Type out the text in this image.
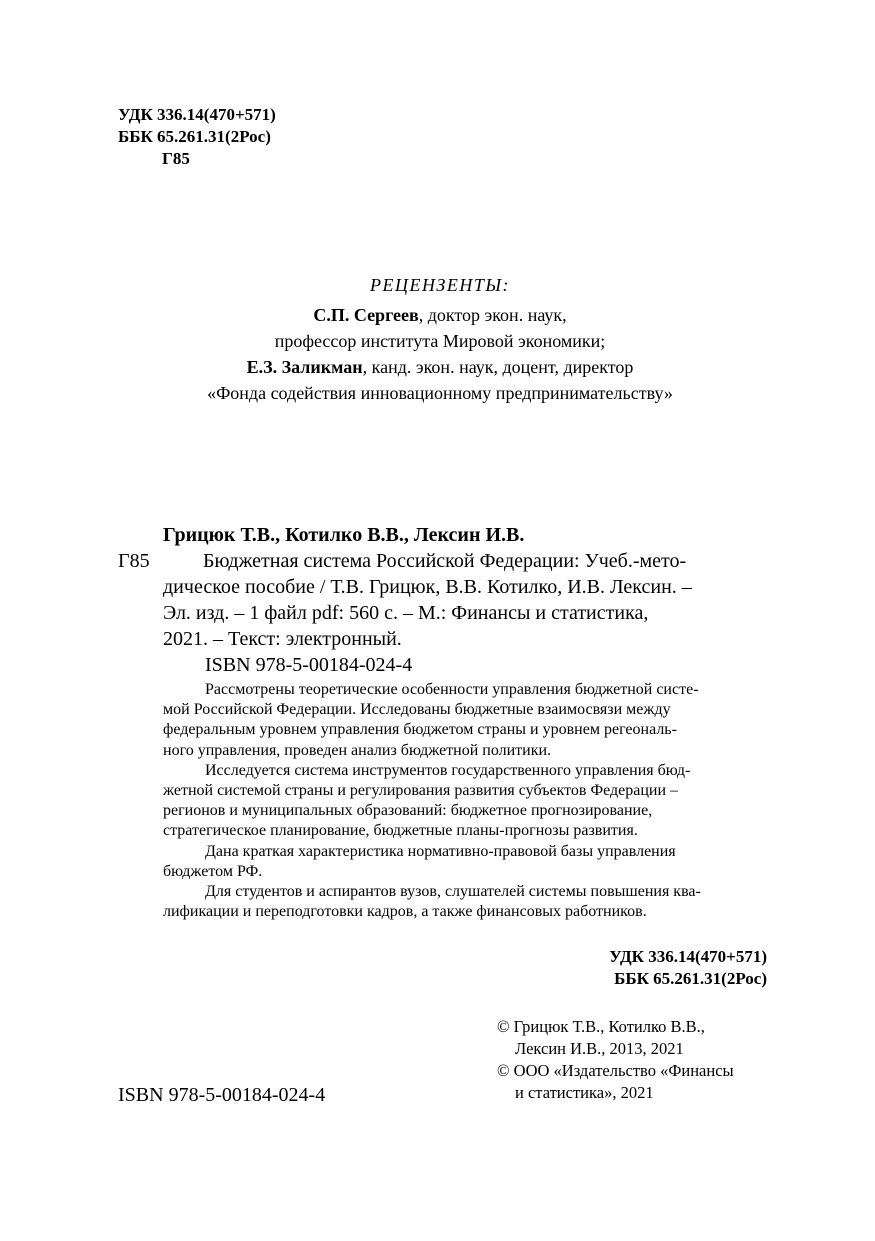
УДК 336.14(470+571)
ББК 65.261.31(2Рос)
Г85
РЕЦЕНЗЕНТЫ:
С.П. Сергеев, доктор экон. наук,
профессор института Мировой экономики;
Е.З. Заликман, канд. экон. наук, доцент, директор
«Фонда содействия инновационному предпринимательству»
Грицюк Т.В., Котилко В.В., Лексин И.В.
Г85	Бюджетная система Российской Федерации: Учеб.-мето-
дическое пособие / Т.В. Грицюк, В.В. Котилко, И.В. Лексин. –
Эл. изд. – 1 файл pdf: 560 с. – М.: Финансы и статистика,
2021. – Текст: электронный.
ISBN 978-5-00184-024-4
Рассмотрены теоретические особенности управления бюджетной систе-
мой Российской Федерации. Исследованы бюджетные взаимосвязи между
федеральным уровнем управления бюджетом страны и уровнем регеональ-
ного управления, проведен анализ бюджетной политики.
Исследуется система инструментов государственного управления бюд-
жетной системой страны и регулирования развития субъектов Федерации –
регионов и муниципальных образований: бюджетное прогнозирование,
стратегическое планирование, бюджетные планы-прогнозы развития.
Дана краткая характеристика нормативно-правовой базы управления
бюджетом РФ.
Для студентов и аспирантов вузов, слушателей системы повышения ква-
лификации и переподготовки кадров, а также финансовых работников.
УДК 336.14(470+571)
ББК 65.261.31(2Рос)
© Грицюк Т.В., Котилко В.В.,
Лексин И.В., 2013, 2021
© ООО «Издательство «Финансы
и статистика», 2021
ISBN 978-5-00184-024-4
